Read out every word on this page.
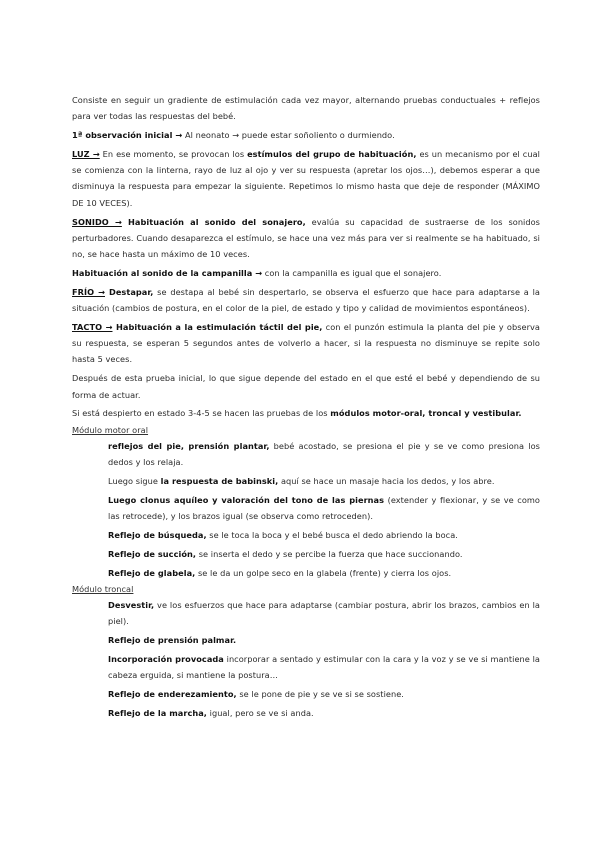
Consiste en seguir un gradiente de estimulación cada vez mayor, alternando pruebas conductuales + reflejos para ver todas las respuestas del bebé.

1ª observación inicial → Al neonato → puede estar soñoliento o durmiendo.

LUZ → En ese momento, se provocan los estímulos del grupo de habituación, es un mecanismo por el cual se comienza con la linterna, rayo de luz al ojo y ver su respuesta (apretar los ojos…), debemos esperar a que disminuya la respuesta para empezar la siguiente. Repetimos lo mismo hasta que deje de responder (MÁXIMO DE 10 VECES).

SONIDO → Habituación al sonido del sonajero, evalúa su capacidad de sustraerse de los sonidos perturbadores. Cuando desaparezca el estímulo, se hace una vez más para ver si realmente se ha habituado, si no, se hace hasta un máximo de 10 veces.

Habituación al sonido de la campanilla → con la campanilla es igual que el sonajero.

FRÍO → Destapar, se destapa al bebé sin despertarlo, se observa el esfuerzo que hace para adaptarse a la situación (cambios de postura, en el color de la piel, de estado y tipo y calidad de movimientos espontáneos).

TACTO → Habituación a la estimulación táctil del pie, con el punzón estimula la planta del pie y observa su respuesta, se esperan 5 segundos antes de volverlo a hacer, si la respuesta no disminuye se repite solo hasta 5 veces.

Después de esta prueba inicial, lo que sigue depende del estado en el que esté el bebé y dependiendo de su forma de actuar.

Si está despierto en estado 3-4-5 se hacen las pruebas de los módulos motor-oral, troncal y vestibular.

Módulo motor oral

reflejos del pie, prensión plantar, bebé acostado, se presiona el pie y se ve como presiona los dedos y los relaja.

Luego sigue la respuesta de babinski, aquí se hace un masaje hacia los dedos, y los abre.

Luego clonus aquíleo y valoración del tono de las piernas (extender y flexionar, y se ve como las retrocede), y los brazos igual (se observa como retroceden).

Reflejo de búsqueda, se le toca la boca y el bebé busca el dedo abriendo la boca.

Reflejo de succión, se inserta el dedo y se percibe la fuerza que hace succionando.

Reflejo de glabela, se le da un golpe seco en la glabela (frente) y cierra los ojos.

Módulo troncal

Desvestir, ve los esfuerzos que hace para adaptarse (cambiar postura, abrir los brazos, cambios en la piel).

Reflejo de prensión palmar.

Incorporación provocada incorporar a sentado y estimular con la cara y la voz y se ve si mantiene la cabeza erguida, si mantiene la postura…

Reflejo de enderezamiento, se le pone de pie y se ve si se sostiene.

Reflejo de la marcha, igual, pero se ve si anda.
